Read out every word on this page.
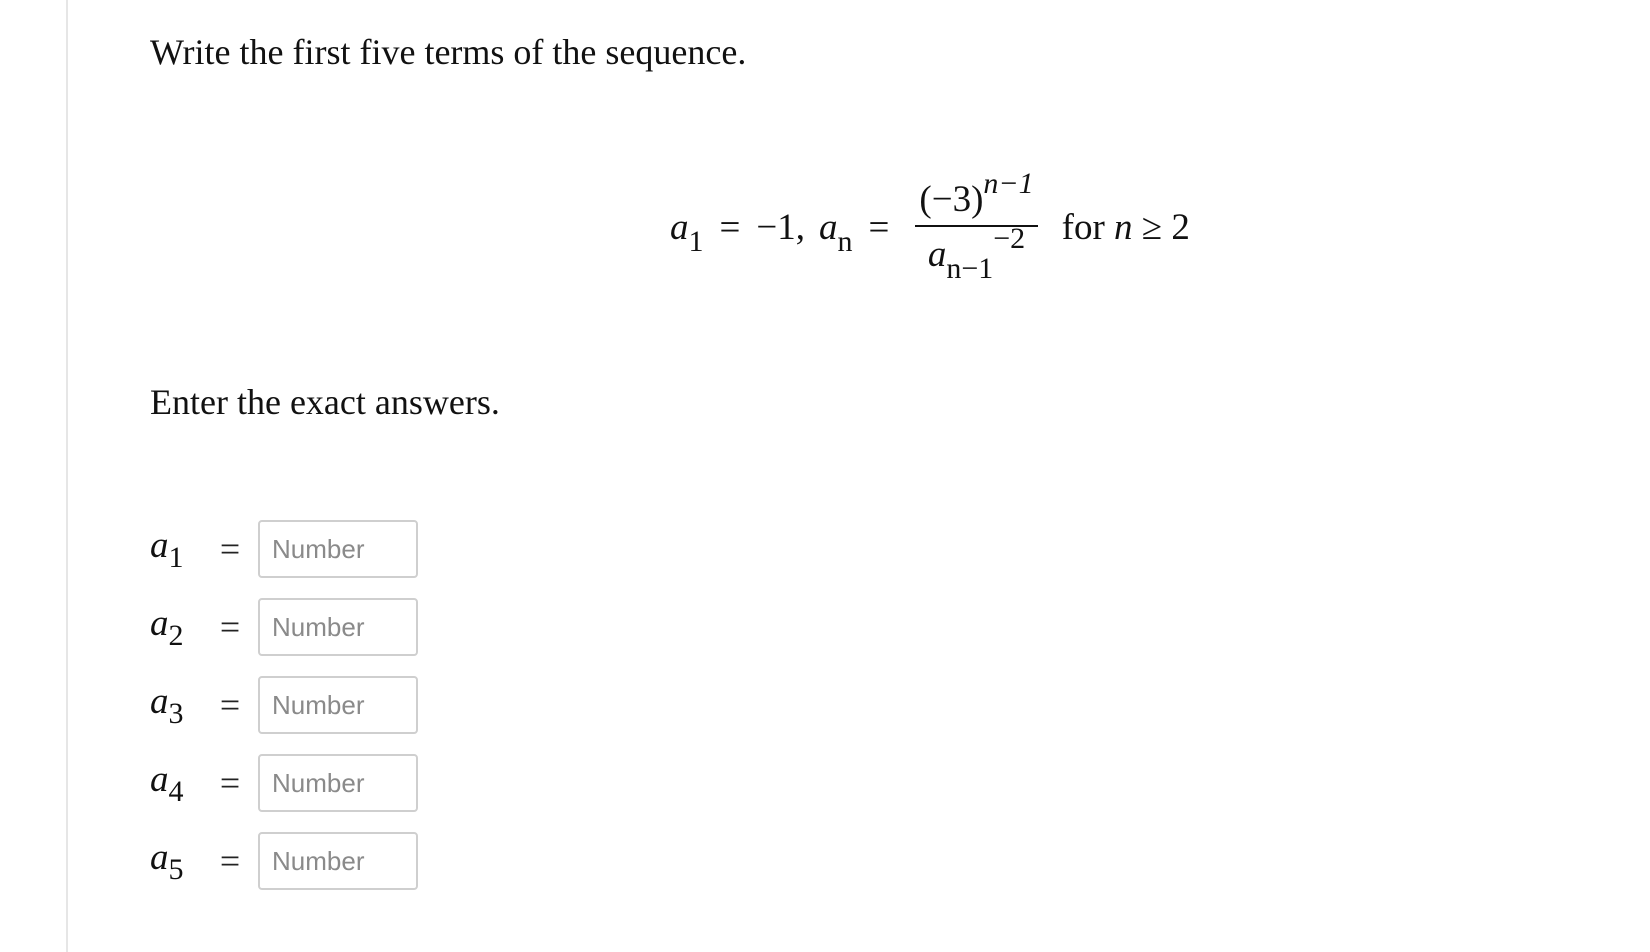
Write the first five terms of the sequence.
$a_1 = -1$, $a_n = \frac{(-3)^{n-1}}{a_{n-1}^{-2}}$ for n ≥ 2
Enter the exact answers.
$a_1$	=
Number
$a_2$	=
Number
$a_3$	=
Number
$a_4$	=
Number
$a_5$	=
Number
